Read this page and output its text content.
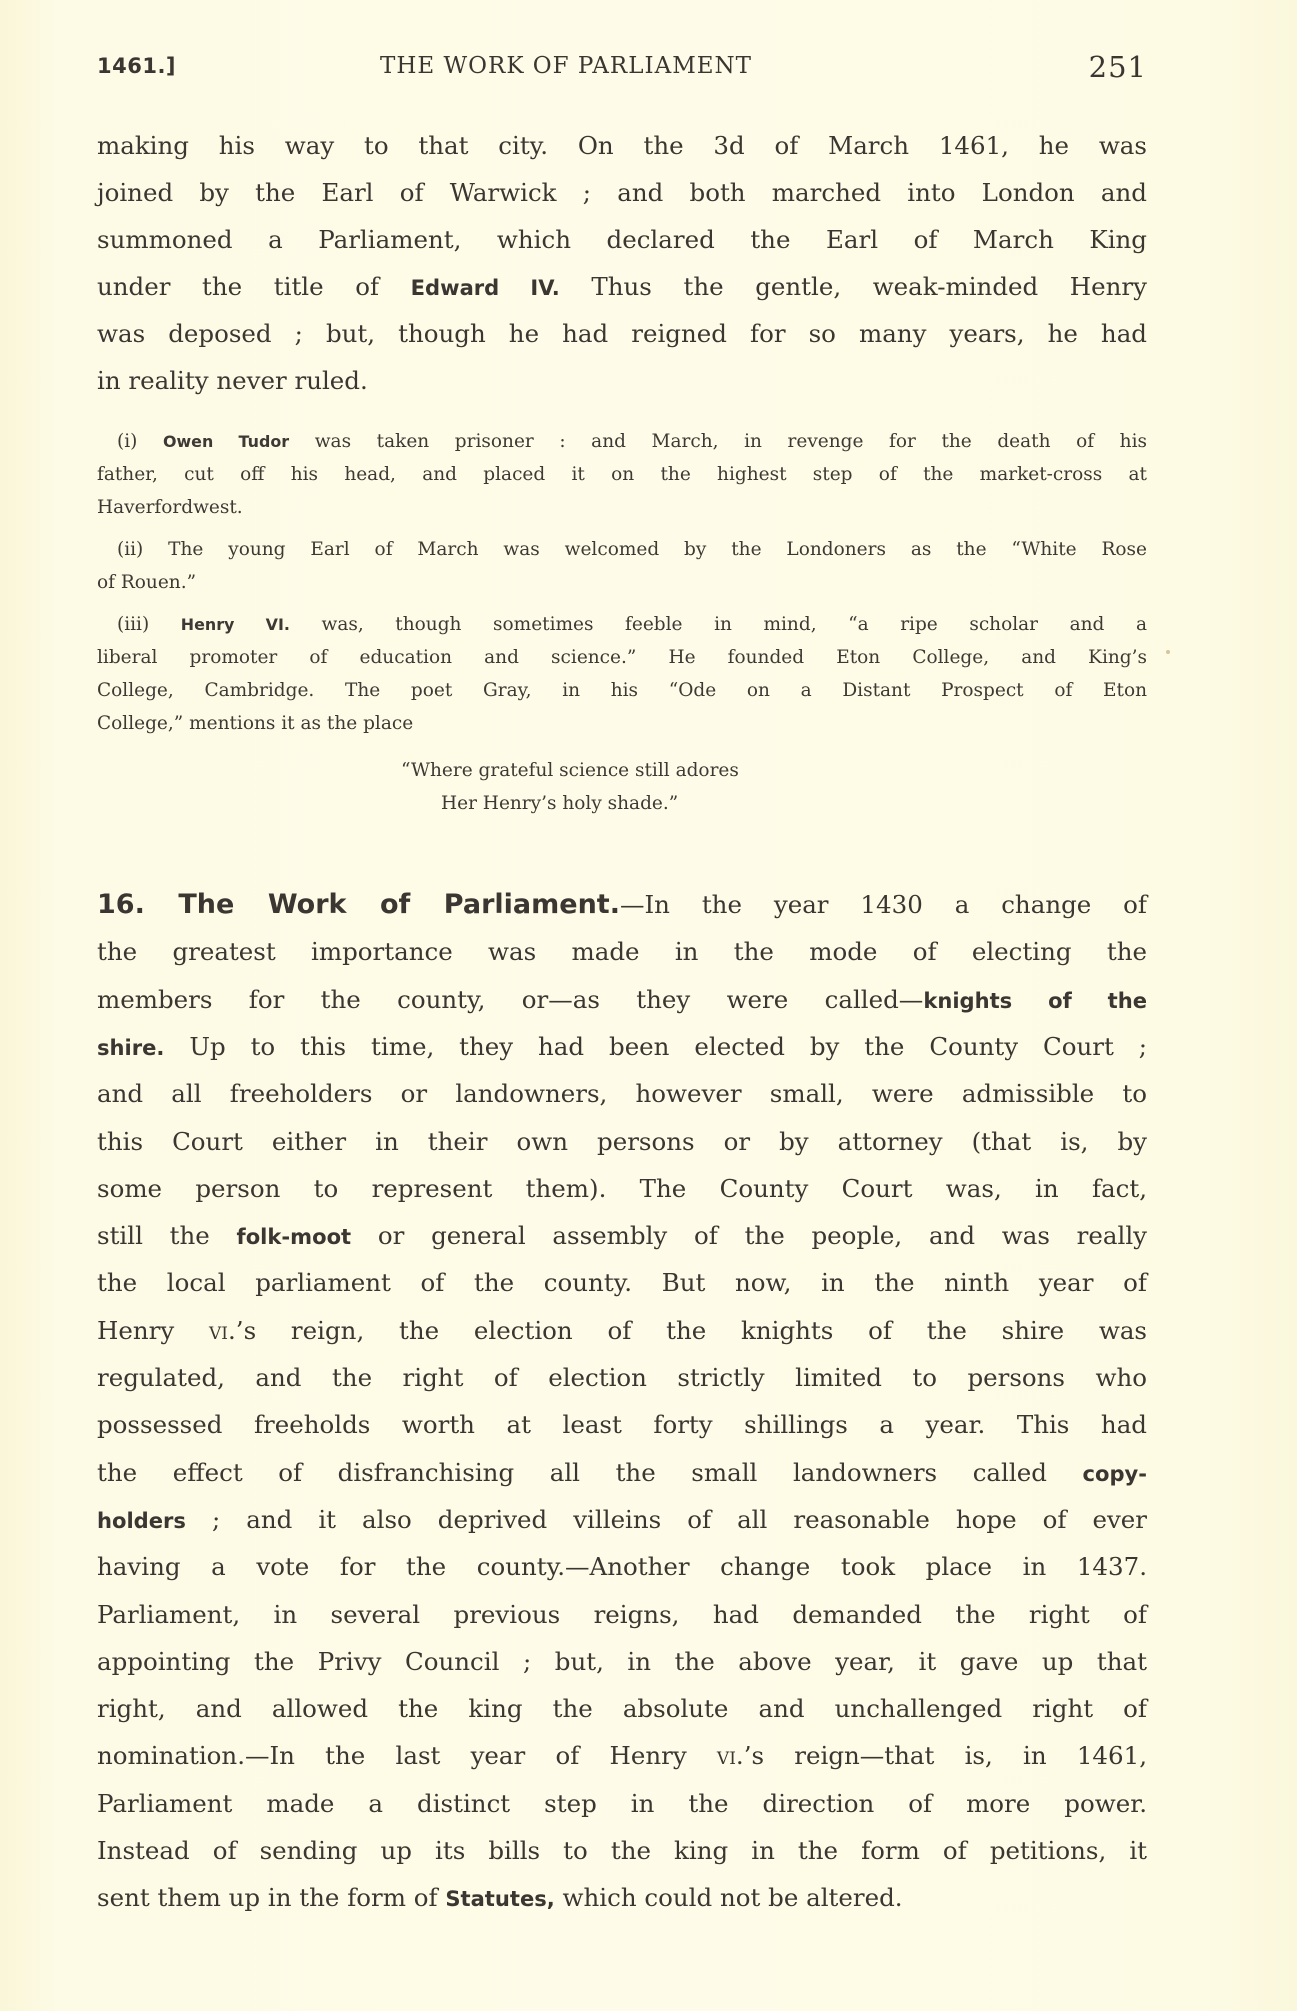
1461.]	THE WORK OF PARLIAMENT	251
making his way to that city. On the 3d of March 1461, he was
joined by the Earl of Warwick ; and both marched into London and
summoned a Parliament, which declared the Earl of March King
under the title of Edward IV. Thus the gentle, weak-minded Henry
was deposed ; but, though he had reigned for so many years, he had
in reality never ruled.
(i) Owen Tudor was taken prisoner : and March, in revenge for the death of his
father, cut off his head, and placed it on the highest step of the market-cross at
Haverfordwest.
(ii) The young Earl of March was welcomed by the Londoners as the “White Rose
of Rouen.”
(iii) Henry VI. was, though sometimes feeble in mind, “a ripe scholar and a
liberal promoter of education and science.” He founded Eton College, and King’s
College, Cambridge. The poet Gray, in his “Ode on a Distant Prospect of Eton
College,” mentions it as the place
“Where grateful science still adores
Her Henry’s holy shade.”
16. The Work of Parliament.—In the year 1430 a change of
the greatest importance was made in the mode of electing the
members for the county, or—as they were called—knights of the
shire. Up to this time, they had been elected by the County Court ;
and all freeholders or landowners, however small, were admissible to
this Court either in their own persons or by attorney (that is, by
some person to represent them). The County Court was, in fact,
still the folk-moot or general assembly of the people, and was really
the local parliament of the county. But now, in the ninth year of
Henry vi.’s reign, the election of the knights of the shire was
regulated, and the right of election strictly limited to persons who
possessed freeholds worth at least forty shillings a year. This had
the effect of disfranchising all the small landowners called copy-
holders ; and it also deprived villeins of all reasonable hope of ever
having a vote for the county.—Another change took place in 1437.
Parliament, in several previous reigns, had demanded the right of
appointing the Privy Council ; but, in the above year, it gave up that
right, and allowed the king the absolute and unchallenged right of
nomination.—In the last year of Henry vi.’s reign—that is, in 1461,
Parliament made a distinct step in the direction of more power.
Instead of sending up its bills to the king in the form of petitions, it
sent them up in the form of Statutes, which could not be altered.
